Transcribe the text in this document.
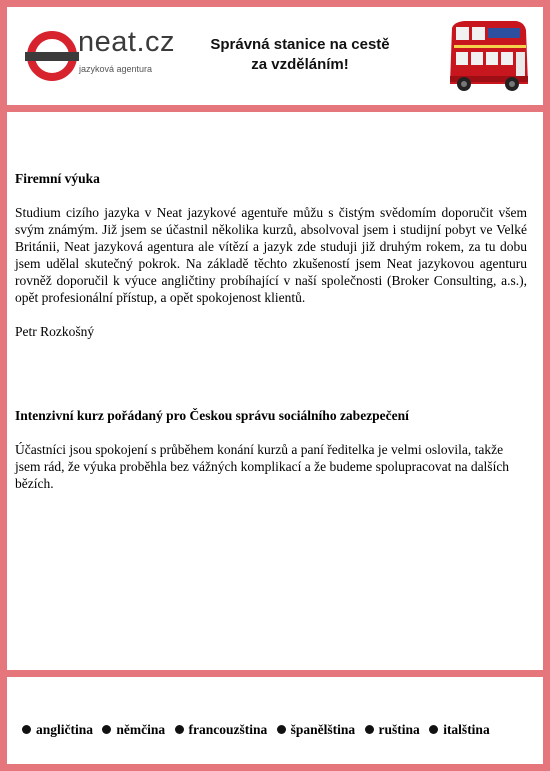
neat.cz
jazyková agentura
Správná stanice na cestě
za vzděláním!

Firemní výuka

Studium cizího jazyka v Neat jazykové agentuře můžu s čistým svědomím doporučit všem svým známým. Již jsem se účastnil několika kurzů, absolvoval jsem i studijní pobyt ve Velké Británii, Neat jazyková agentura ale vítězí a jazyk zde studuji již druhým rokem, za tu dobu jsem udělal skutečný pokrok. Na základě těchto zkušeností jsem Neat jazykovou agenturu rovněž doporučil k výuce angličtiny probíhající v naší společnosti (Broker Consulting, a.s.), opět profesionální přístup, a opět spokojenost klientů.

Petr Rozkošný

Intenzivní kurz pořádaný pro Českou správu sociálního zabezpečení

Účastníci jsou spokojení s průběhem konání kurzů a paní ředitelka je velmi oslovila, takže jsem rád, že výuka proběhla bez vážných komplikací a že budeme spolupracovat na dalších bězích.

angličtina němčina francouzština španělština ruština italština
